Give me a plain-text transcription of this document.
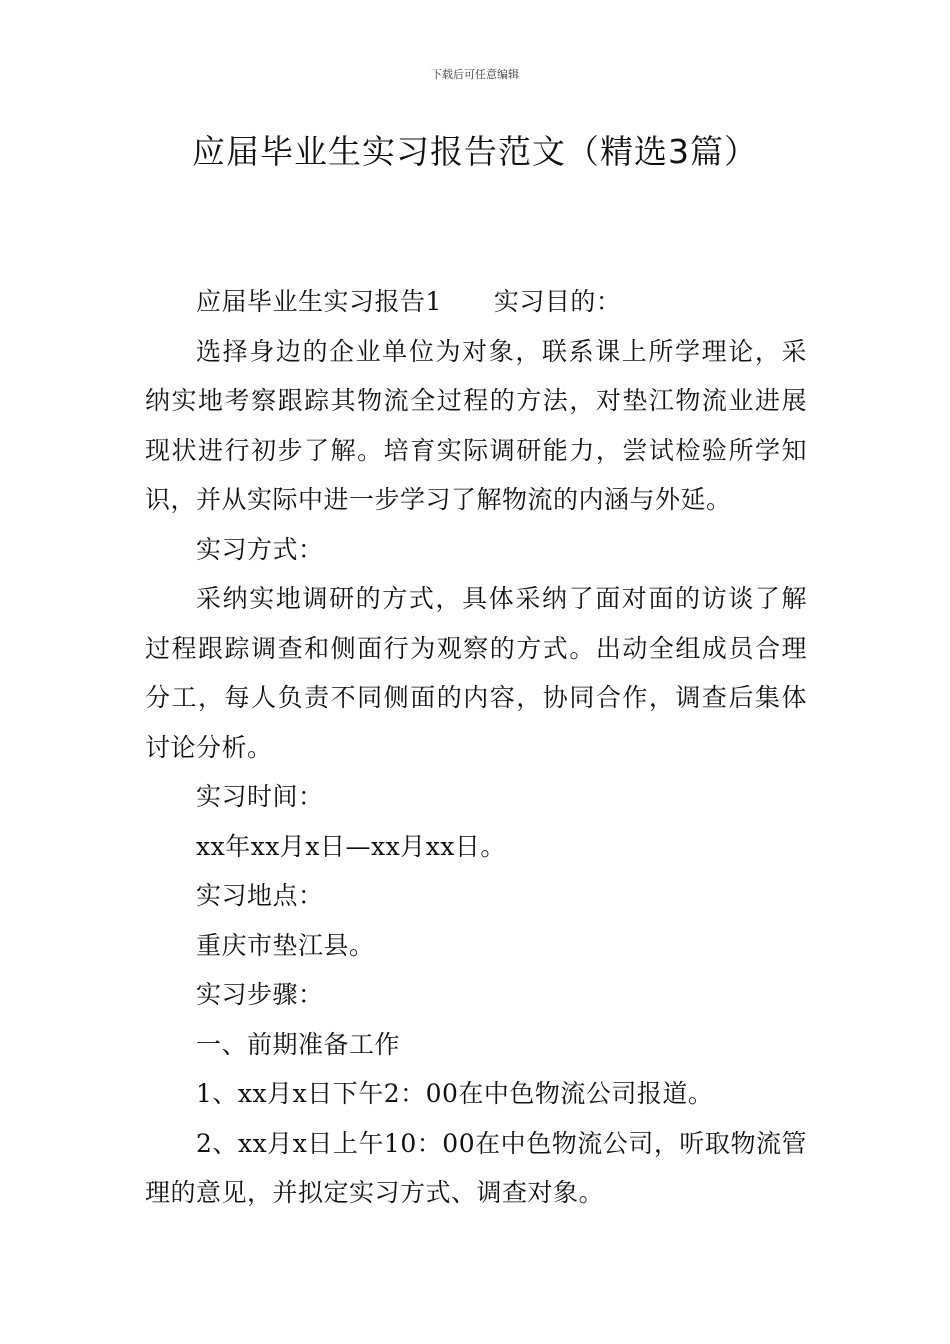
下载后可任意编辑
应届毕业生实习报告范文（精选3篇）

应届毕业生实习报告1 实习目的：

选择身边的企业单位为对象，联系课上所学理论，采纳实地考察跟踪其物流全过程的方法，对垫江物流业进展现状进行初步了解。培育实际调研能力，尝试检验所学知识，并从实际中进一步学习了解物流的内涵与外延。

实习方式：

采纳实地调研的方式，具体采纳了面对面的访谈了解过程跟踪调查和侧面行为观察的方式。出动全组成员合理分工，每人负责不同侧面的内容，协同合作，调查后集体讨论分析。

实习时间：

xx年xx月x日—xx月xx日。

实习地点：

重庆市垫江县。

实习步骤：

一、前期准备工作

1、xx月x日下午2：00在中色物流公司报道。

2、xx月x日上午10：00在中色物流公司，听取物流管理的意见，并拟定实习方式、调查对象。
